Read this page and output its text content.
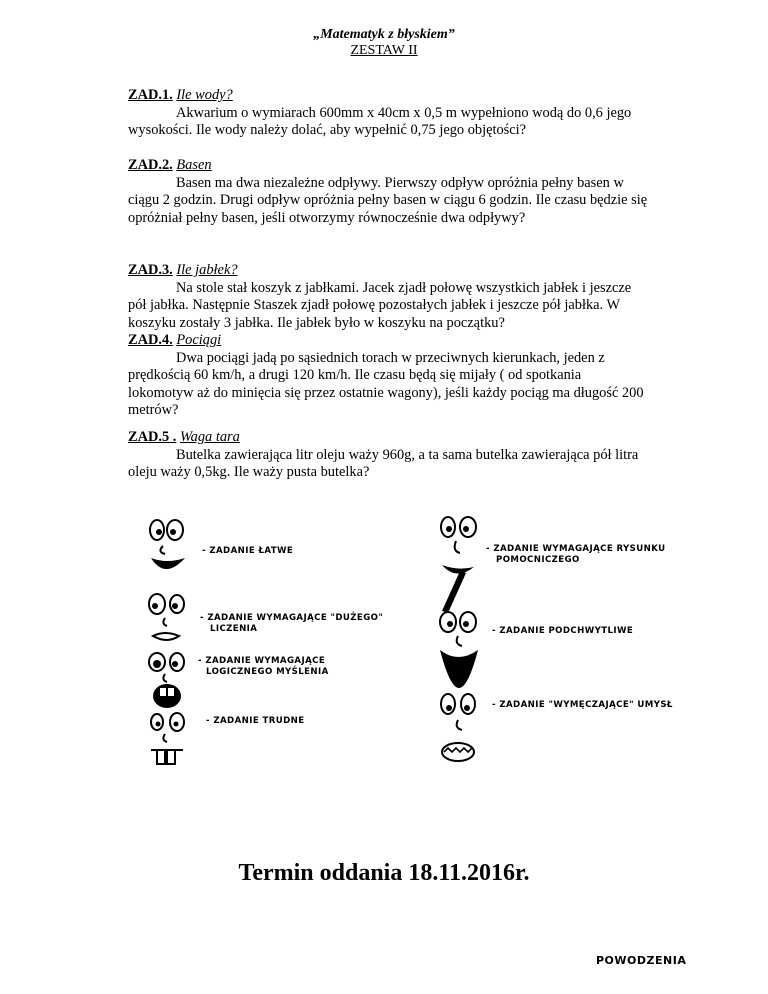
„Matematyk z błyskiem”
ZESTAW II
ZAD.1. Ile wody?

Akwarium o wymiarach 600mm x 40cm x 0,5 m wypełniono wodą do 0,6 jego wysokości. Ile wody należy dolać, aby wypełnić 0,75 jego objętości?

ZAD.2. Basen

Basen ma dwa niezależne odpływy. Pierwszy odpływ opróżnia pełny basen w ciągu 2 godzin. Drugi odpływ opróżnia pełny basen w ciągu 6 godzin. Ile czasu będzie się opróżniał pełny basen, jeśli otworzymy równocześnie dwa odpływy?

ZAD.3. Ile jabłek?

Na stole stał koszyk z jabłkami. Jacek zjadł połowę wszystkich jabłek i jeszcze pół jabłka. Następnie Staszek zjadł połowę pozostałych jabłek i jeszcze pół jabłka. W koszyku zostały 3 jabłka. Ile jabłek było w koszyku na początku?

ZAD.4. Pociągi

Dwa pociągi jadą po sąsiednich torach w przeciwnych kierunkach, jeden z prędkością 60 km/h, a drugi 120 km/h. Ile czasu będą się mijały ( od spotkania lokomotyw aż do minięcia się przez ostatnie wagony), jeśli każdy pociąg ma długość 200 metrów?

ZAD.5 . Waga tara

Butelka zawierająca litr oleju waży 960g, a ta sama butelka zawierająca pół litra oleju waży 0,5kg. Ile waży pusta butelka?

- ZADANIE ŁATWE
- ZADANIE WYMAGAJĄCE "DUŻEGO"
LICZENIA
- ZADANIE WYMAGAJĄCE
LOGICZNEGO MYŚLENIA
- ZADANIE TRUDNE
- ZADANIE WYMAGAJĄCE RYSUNKU
POMOCNICZEGO
- ZADANIE PODCHWYTLIWE
- ZADANIE "WYMĘCZAJĄCE" UMYSŁ
Termin oddania 18.11.2016r.
POWODZENIA
